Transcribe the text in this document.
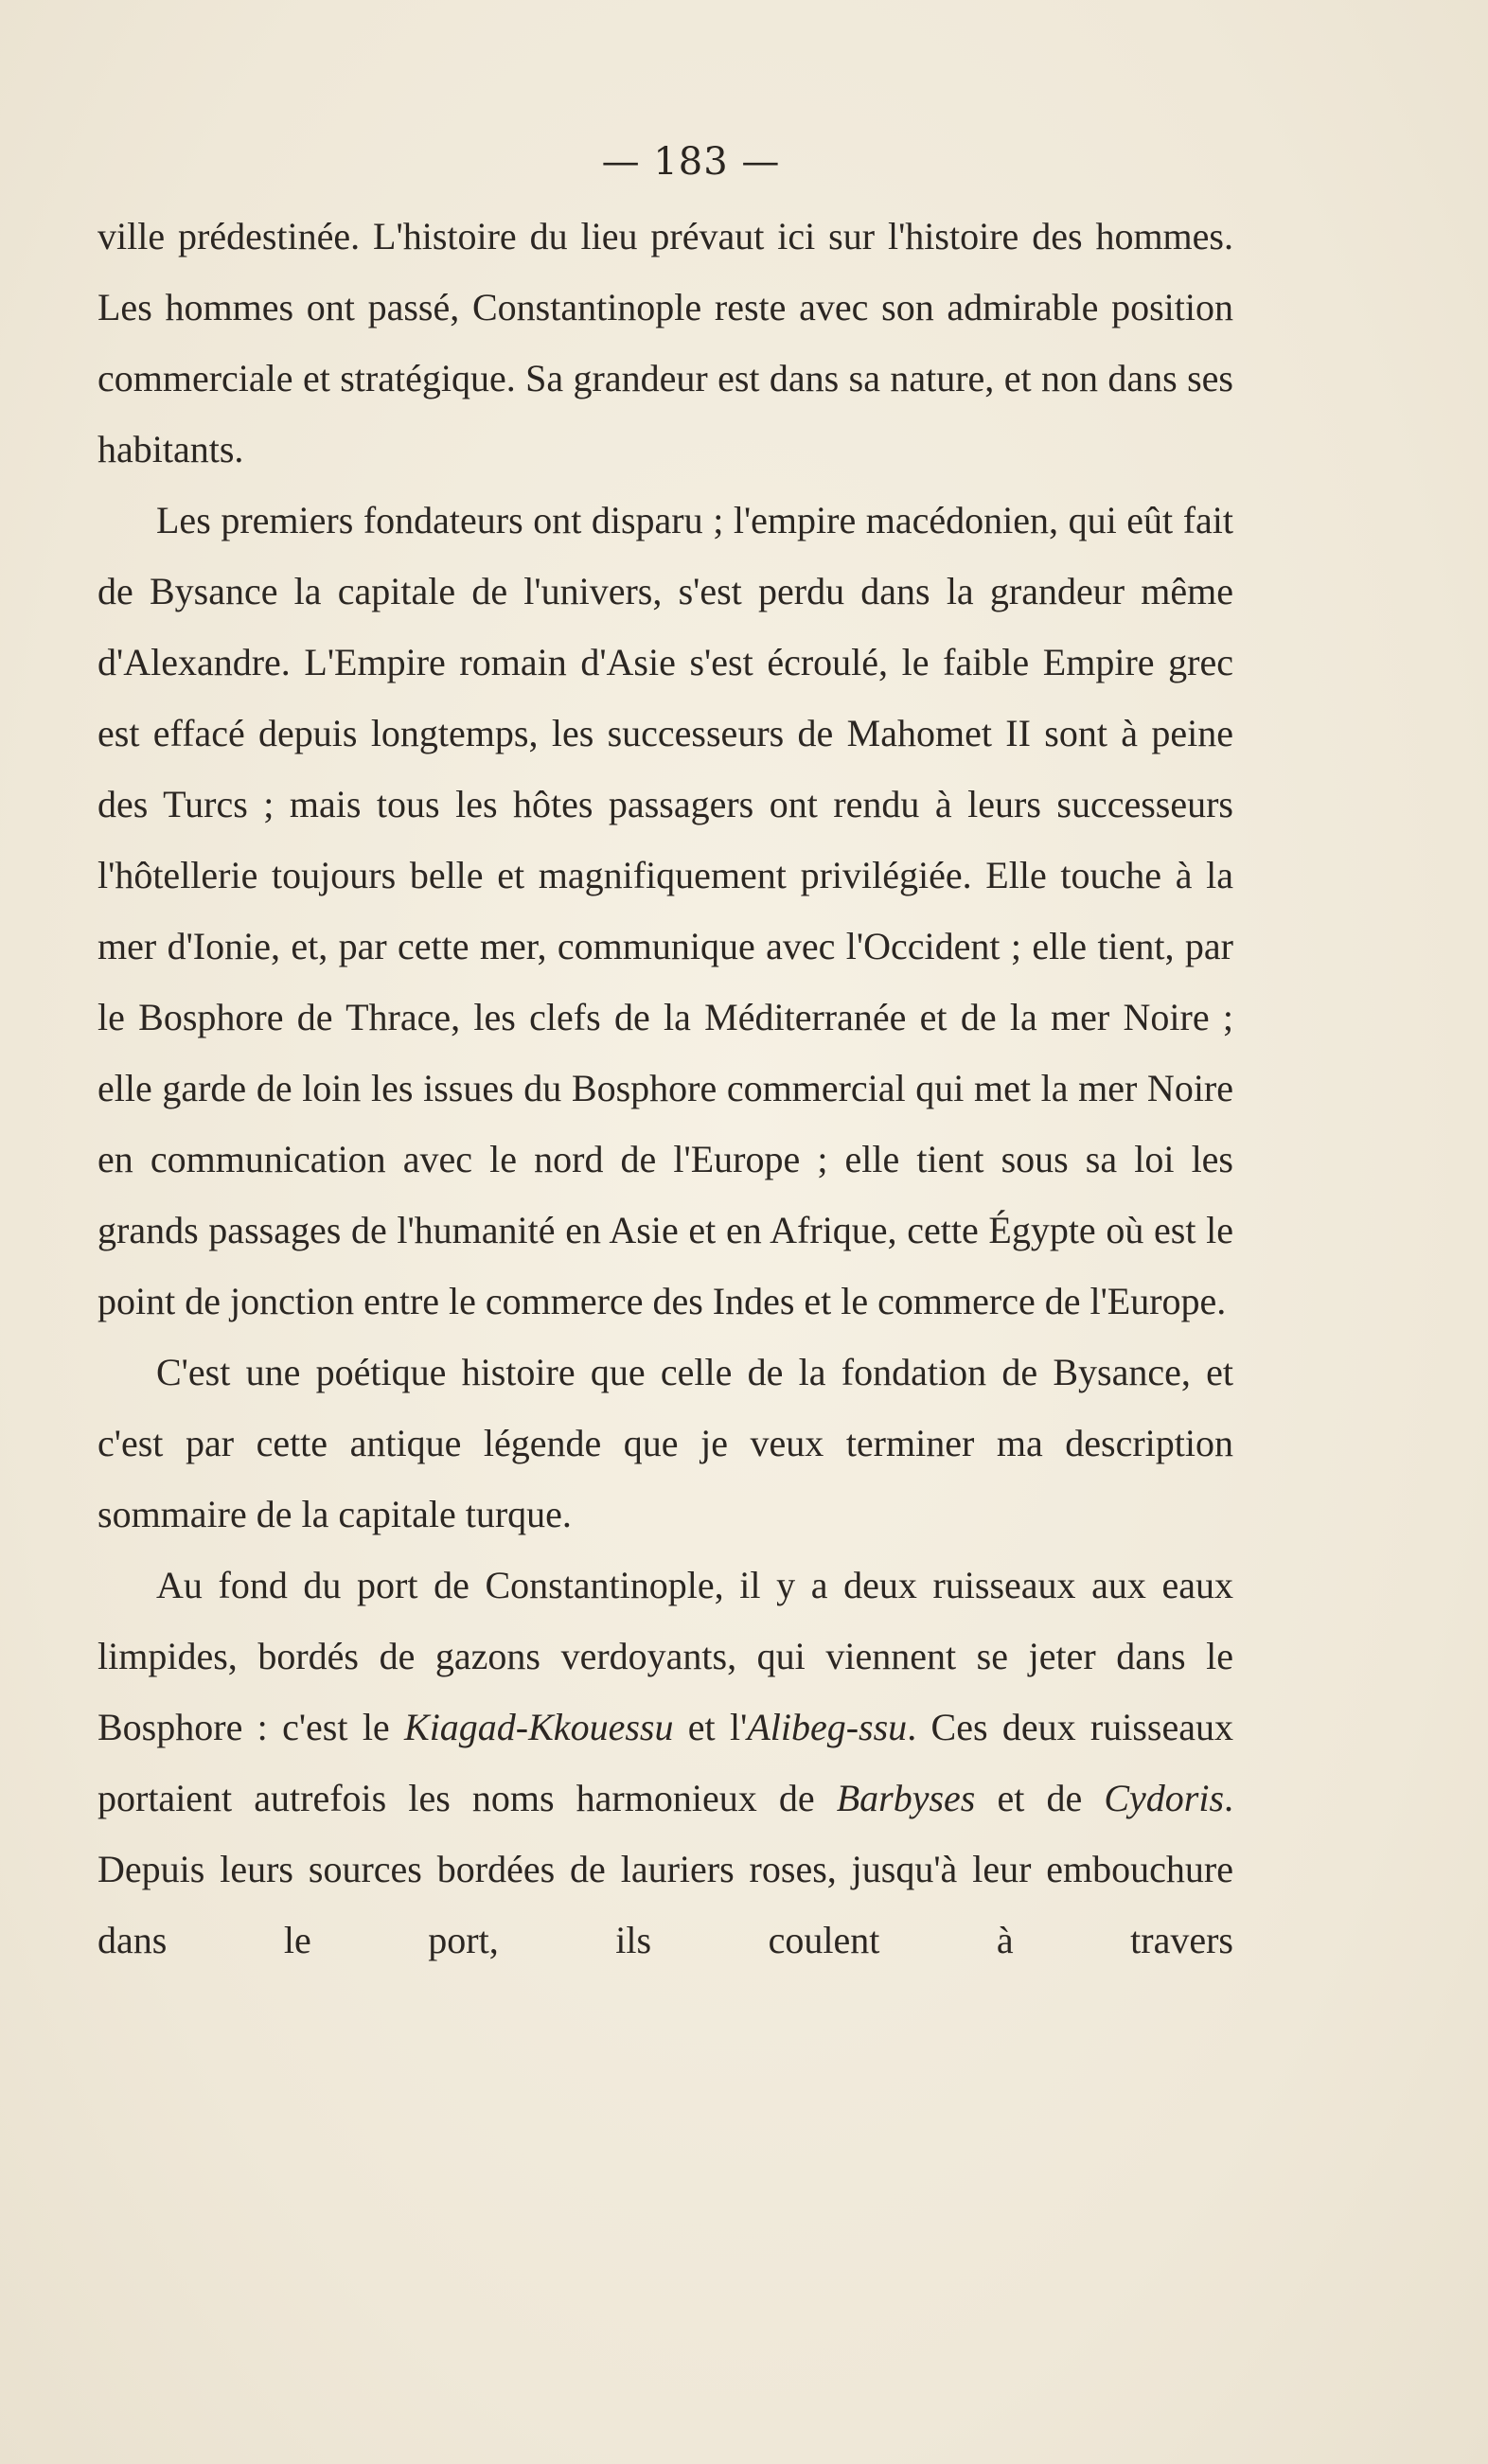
— 183 —

ville prédestinée. L'histoire du lieu prévaut ici sur l'histoire des hommes. Les hommes ont passé, Constantinople reste avec son admirable position commerciale et stratégique. Sa grandeur est dans sa nature, et non dans ses habitants.

Les premiers fondateurs ont disparu ; l'empire macédonien, qui eût fait de Bysance la capitale de l'univers, s'est perdu dans la grandeur même d'Alexandre. L'Empire romain d'Asie s'est écroulé, le faible Empire grec est effacé depuis longtemps, les successeurs de Mahomet II sont à peine des Turcs ; mais tous les hôtes passagers ont rendu à leurs successeurs l'hôtellerie toujours belle et magnifiquement privilégiée. Elle touche à la mer d'Ionie, et, par cette mer, communique avec l'Occident ; elle tient, par le Bosphore de Thrace, les clefs de la Méditerranée et de la mer Noire ; elle garde de loin les issues du Bosphore commercial qui met la mer Noire en communication avec le nord de l'Europe ; elle tient sous sa loi les grands passages de l'humanité en Asie et en Afrique, cette Égypte où est le point de jonction entre le commerce des Indes et le commerce de l'Europe.

C'est une poétique histoire que celle de la fondation de Bysance, et c'est par cette antique légende que je veux terminer ma description sommaire de la capitale turque.

Au fond du port de Constantinople, il y a deux ruisseaux aux eaux limpides, bordés de gazons verdoyants, qui viennent se jeter dans le Bosphore : c'est le Kiagad-Kkouessu et l'Alibeg-ssu. Ces deux ruisseaux portaient autrefois les noms harmonieux de Barbyses et de Cydoris. Depuis leurs sources bordées de lauriers roses, jusqu'à leur embouchure dans le port, ils coulent à travers
